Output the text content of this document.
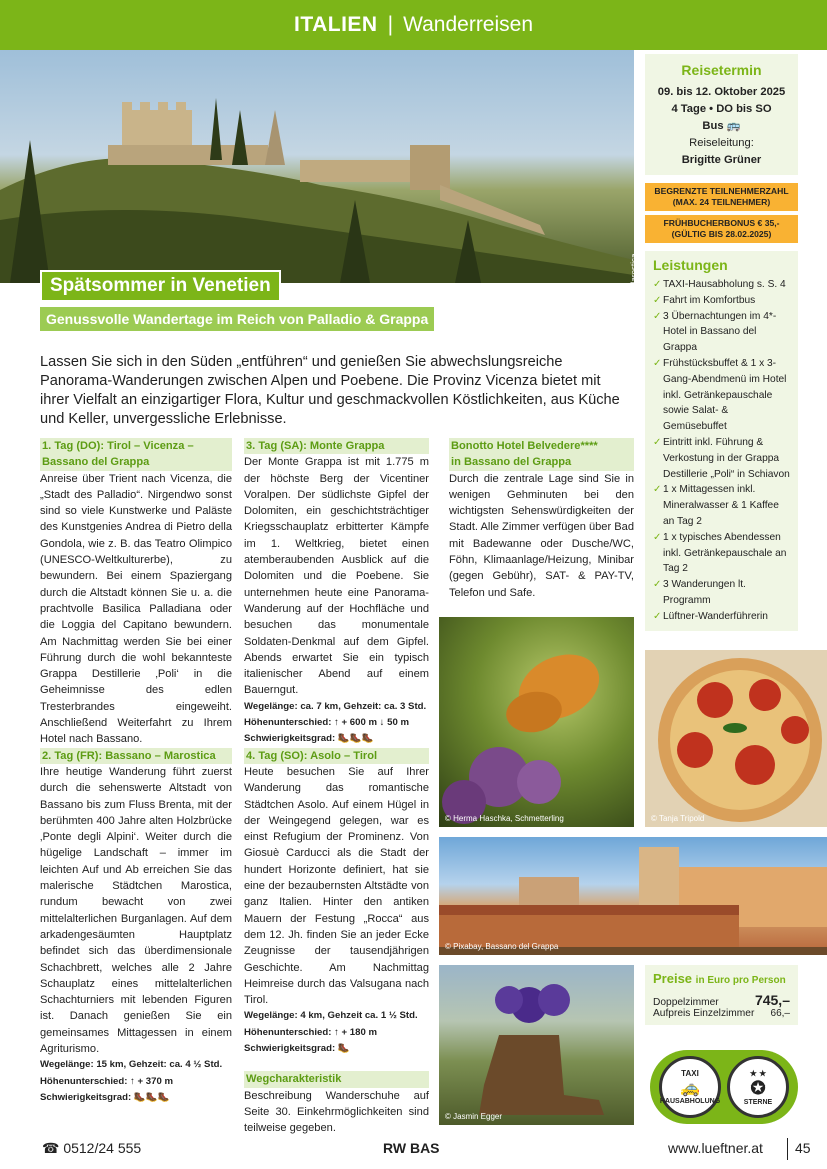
ITALIEN | Wanderreisen
© Pixabay, Cristian Ferronato, Marostica
Spätsommer in Venetien
Genussvolle Wandertage im Reich von Palladio & Grappa

Lassen Sie sich in den Süden „entführen“ und genießen Sie abwechslungsreiche Panorama-Wanderungen zwischen Alpen und Poebene. Die Provinz Vicenza bietet mit ihrer Vielfalt an einzigartiger Flora, Kultur und geschmackvollen Köstlichkeiten, aus Küche und Keller, unvergessliche Erlebnisse.

1. Tag (DO): Tirol – Vicenza –
Bassano del Grappa

Anreise über Trient nach Vicenza, die „Stadt des Palladio“. Nirgendwo sonst sind so viele Kunstwerke und Paläste des Kunstgenies Andrea di Pietro della Gondola, wie z. B. das Teatro Olimpico (UNESCO-Weltkulturerbe), zu bewundern. Bei einem Spaziergang durch die Altstadt können Sie u. a. die prachtvolle Basilica Palladiana oder die Loggia del Capitano bewundern. Am Nachmittag werden Sie bei einer Führung durch die wohl bekannteste Grappa Destillerie ‚Poli‘ in die Geheimnisse des edlen Tresterbrandes eingeweiht. Anschließend Weiterfahrt zu Ihrem Hotel nach Bassano.

2. Tag (FR): Bassano – Marostica

Ihre heutige Wanderung führt zuerst durch die sehenswerte Altstadt von Bassano bis zum Fluss Brenta, mit der berühmten 400 Jahre alten Holzbrücke ‚Ponte degli Alpini‘. Weiter durch die hügelige Landschaft – immer im leichten Auf und Ab erreichen Sie das malerische Städtchen Marostica, rundum bewacht von zwei mittelalterlichen Burganlagen. Auf dem arkadengesäumten Hauptplatz befindet sich das überdimensionale Schachbrett, welches alle 2 Jahre Schauplatz eines mittelalterlichen Schachturniers mit lebenden Figuren ist. Danach genießen Sie ein gemeinsames Mittagessen in einem Agriturismo.

Wegelänge: 15 km, Gehzeit: ca. 4 ½ Std.
Höhenunterschied: ↑ + 370 m
Schwierigkeitsgrad: 🥾🥾🥾
3. Tag (SA): Monte Grappa

Der Monte Grappa ist mit 1.775 m der höchste Berg der Vicentiner Voralpen. Der südlichste Gipfel der Dolomiten, ein geschichtsträchtiger Kriegsschauplatz erbitterter Kämpfe im 1. Weltkrieg, bietet einen atemberaubenden Ausblick auf die Dolomiten und die Poebene. Sie unternehmen heute eine Panorama-Wanderung auf der Hochfläche und besuchen das monumentale Soldaten-Denkmal auf dem Gipfel. Abends erwartet Sie ein typisch italienischer Abend auf einem Bauerngut.

Wegelänge: ca. 7 km, Gehzeit: ca. 3 Std.
Höhenunterschied: ↑ + 600 m ↓ 50 m
Schwierigkeitsgrad: 🥾🥾🥾
4. Tag (SO): Asolo – Tirol

Heute besuchen Sie auf Ihrer Wanderung das romantische Städtchen Asolo. Auf einem Hügel in der Weingegend gelegen, war es einst Refugium der Prominenz. Von Giosuè Carducci als die Stadt der hundert Horizonte definiert, hat sie eine der bezaubernsten Altstädte von ganz Italien. Hinter den antiken Mauern der Festung „Rocca“ aus dem 12. Jh. finden Sie an jeder Ecke Zeugnisse der tausendjährigen Geschichte. Am Nachmittag Heimreise durch das Valsugana nach Tirol.

Wegelänge: 4 km, Gehzeit ca. 1 ½ Std.
Höhenunterschied: ↑ + 180 m
Schwierigkeitsgrad: 🥾
Wegcharakteristik

Beschreibung Wanderschuhe auf Seite 30. Einkehrmöglichkeiten sind teilweise gegeben.

Bonotto Hotel Belvedere****
in Bassano del Grappa

Durch die zentrale Lage sind Sie in wenigen Gehminuten bei den wichtigsten Sehenswürdigkeiten der Stadt. Alle Zimmer verfügen über Bad mit Badewanne oder Dusche/WC, Föhn, Klimaanlage/Heizung, Minibar (gegen Gebühr), SAT- & PAY-TV, Telefon und Safe.

© Herma Haschka, Schmetterling	© Tanja Tripold
© Pixabay, Bassano del Grappa
© Jasmin Egger
Reisetermin
09. bis 12. Oktober 2025
4 Tage • DO bis SO
Bus 🚌
Reiseleitung:
Brigitte Grüner
BEGRENZTE TEILNEHMERZAHL
(MAX. 24 TEILNEHMER)
FRÜHBUCHERBONUS € 35,-
(GÜLTIG BIS 28.02.2025)
Leistungen
✓ TAXI-Hausabholung s. S. 4
✓ Fahrt im Komfortbus
✓ 3 Übernachtungen im 4*-Hotel in Bassano del Grappa
✓ Frühstücksbuffet & 1 x 3-Gang-Abendmenü im Hotel inkl. Getränkepauschale sowie Salat- & Gemüsebuffet
✓ Eintritt inkl. Führung & Verkostung in der Grappa Destillerie „Poli“ in Schiavon
✓ 1 x Mittagessen inkl. Mineralwasser & 1 Kaffee an Tag 2
✓ 1 x typisches Abendessen inkl. Getränkepauschale an Tag 2
✓ 3 Wanderungen lt. Programm
✓ Lüftner-Wanderführerin
Preise in Euro pro Person
Doppelzimmer	745,–
Aufpreis Einzelzimmer 66,–
TAXI
🚕
HAUSABHOLUNG
★ ★
✪
STERNE
☎ 0512/24 555	RW BAS	www.lueftner.at 45
